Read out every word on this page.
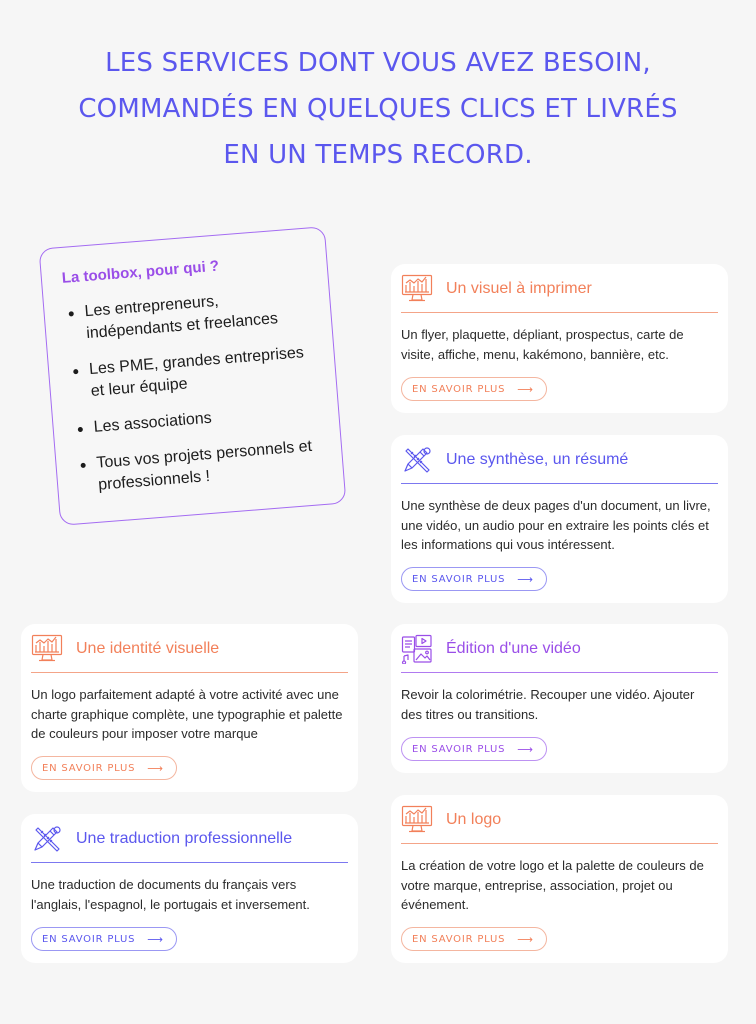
LES SERVICES DONT VOUS AVEZ BESOIN,
COMMANDÉS EN QUELQUES CLICS ET LIVRÉS
EN UN TEMPS RECORD.
La toolbox, pour qui ?
Les entrepreneurs, indépendants et freelances
Les PME, grandes entreprises et leur équipe
Les associations
Tous vos projets personnels et professionnels !
Un visuel à imprimer

Un flyer, plaquette, dépliant, prospectus, carte de visite, affiche, menu, kakémono, bannière, etc.

EN SAVOIR PLUS ⟶
Une synthèse, un résumé

Une synthèse de deux pages d'un document, un livre, une vidéo, un audio pour en extraire les points clés et les informations qui vous intéressent.

EN SAVOIR PLUS ⟶
Une identité visuelle

Un logo parfaitement adapté à votre activité avec une charte graphique complète, une typographie et palette de couleurs pour imposer votre marque

EN SAVOIR PLUS ⟶
Édition d'une vidéo

Revoir la colorimétrie. Recouper une vidéo. Ajouter des titres ou transitions.

EN SAVOIR PLUS ⟶
Une traduction professionnelle

Une traduction de documents du français vers l'anglais, l'espagnol, le portugais et inversement.

EN SAVOIR PLUS ⟶
Un logo

La création de votre logo et la palette de couleurs de votre marque, entreprise, association, projet ou événement.

EN SAVOIR PLUS ⟶
